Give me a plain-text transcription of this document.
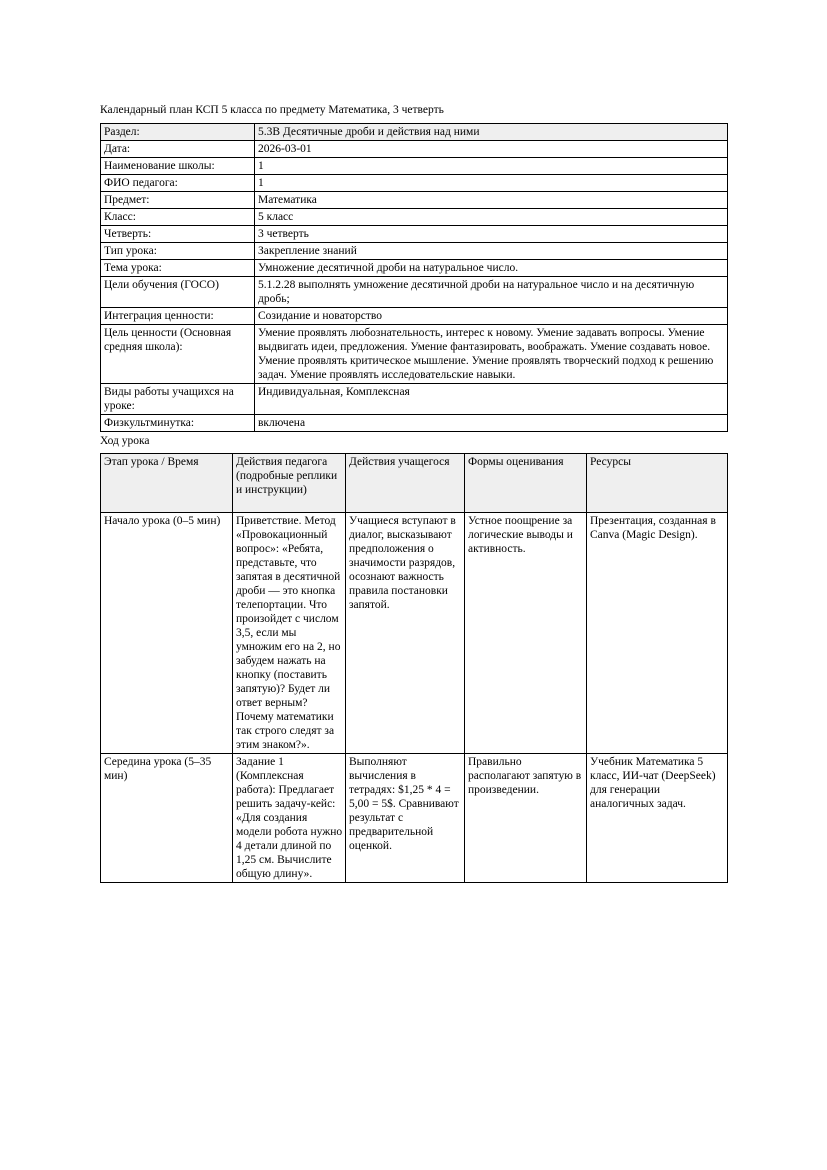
Календарный план КСП 5 класса по предмету Математика, 3 четверть

Раздел:	5.3В Десятичные дроби и действия над ними
Дата:	2026-03-01
Наименование школы:	1
ФИО педагога:	1
Предмет:	Математика
Класс:	5 класс
Четверть:	3 четверть
Тип урока:	Закрепление знаний
Тема урока:	Умножение десятичной дроби на натуральное число.
Цели обучения (ГОСО)	5.1.2.28 выполнять умножение десятичной дроби на натуральное число и на десятичную дробь;
Интеграция ценности:	Созидание и новаторство
Цель ценности (Основная средняя школа):	Умение проявлять любознательность, интерес к новому. Умение задавать вопросы. Умение выдвигать идеи, предложения. Умение фантазировать, воображать. Умение создавать новое. Умение проявлять критическое мышление. Умение проявлять творческий подход к решению задач. Умение проявлять исследовательские навыки.
Виды работы учащихся на уроке:	Индивидуальная, Комплексная
Физкультминутка:	включена

Ход урока

Этап урока / Время	Действия педагога (подробные реплики и инструкции)	Действия учащегося	Формы оценивания	Ресурсы
Начало урока (0–5 мин)	Приветствие. Метод «Провокационный вопрос»: «Ребята, представьте, что запятая в десятичной дроби — это кнопка телепортации. Что произойдет с числом 3,5, если мы умножим его на 2, но забудем нажать на кнопку (поставить запятую)? Будет ли ответ верным? Почему математики так строго следят за этим знаком?».	Учащиеся вступают в диалог, высказывают предположения о значимости разрядов, осознают важность правила постановки запятой.	Устное поощрение за логические выводы и активность.	Презентация, созданная в Canva (Magic Design).
Середина урока (5–35 мин)	Задание 1 (Комплексная работа): Предлагает решить задачу-кейс: «Для создания модели робота нужно 4 детали длиной по 1,25 см. Вычислите общую длину».	Выполняют вычисления в тетрадях: $1,25 * 4 = 5,00 = 5$. Сравнивают результат с предварительной оценкой.	Правильно располагают запятую в произведении.	Учебник Математика 5 класс, ИИ-чат (DeepSeek) для генерации аналогичных задач.
